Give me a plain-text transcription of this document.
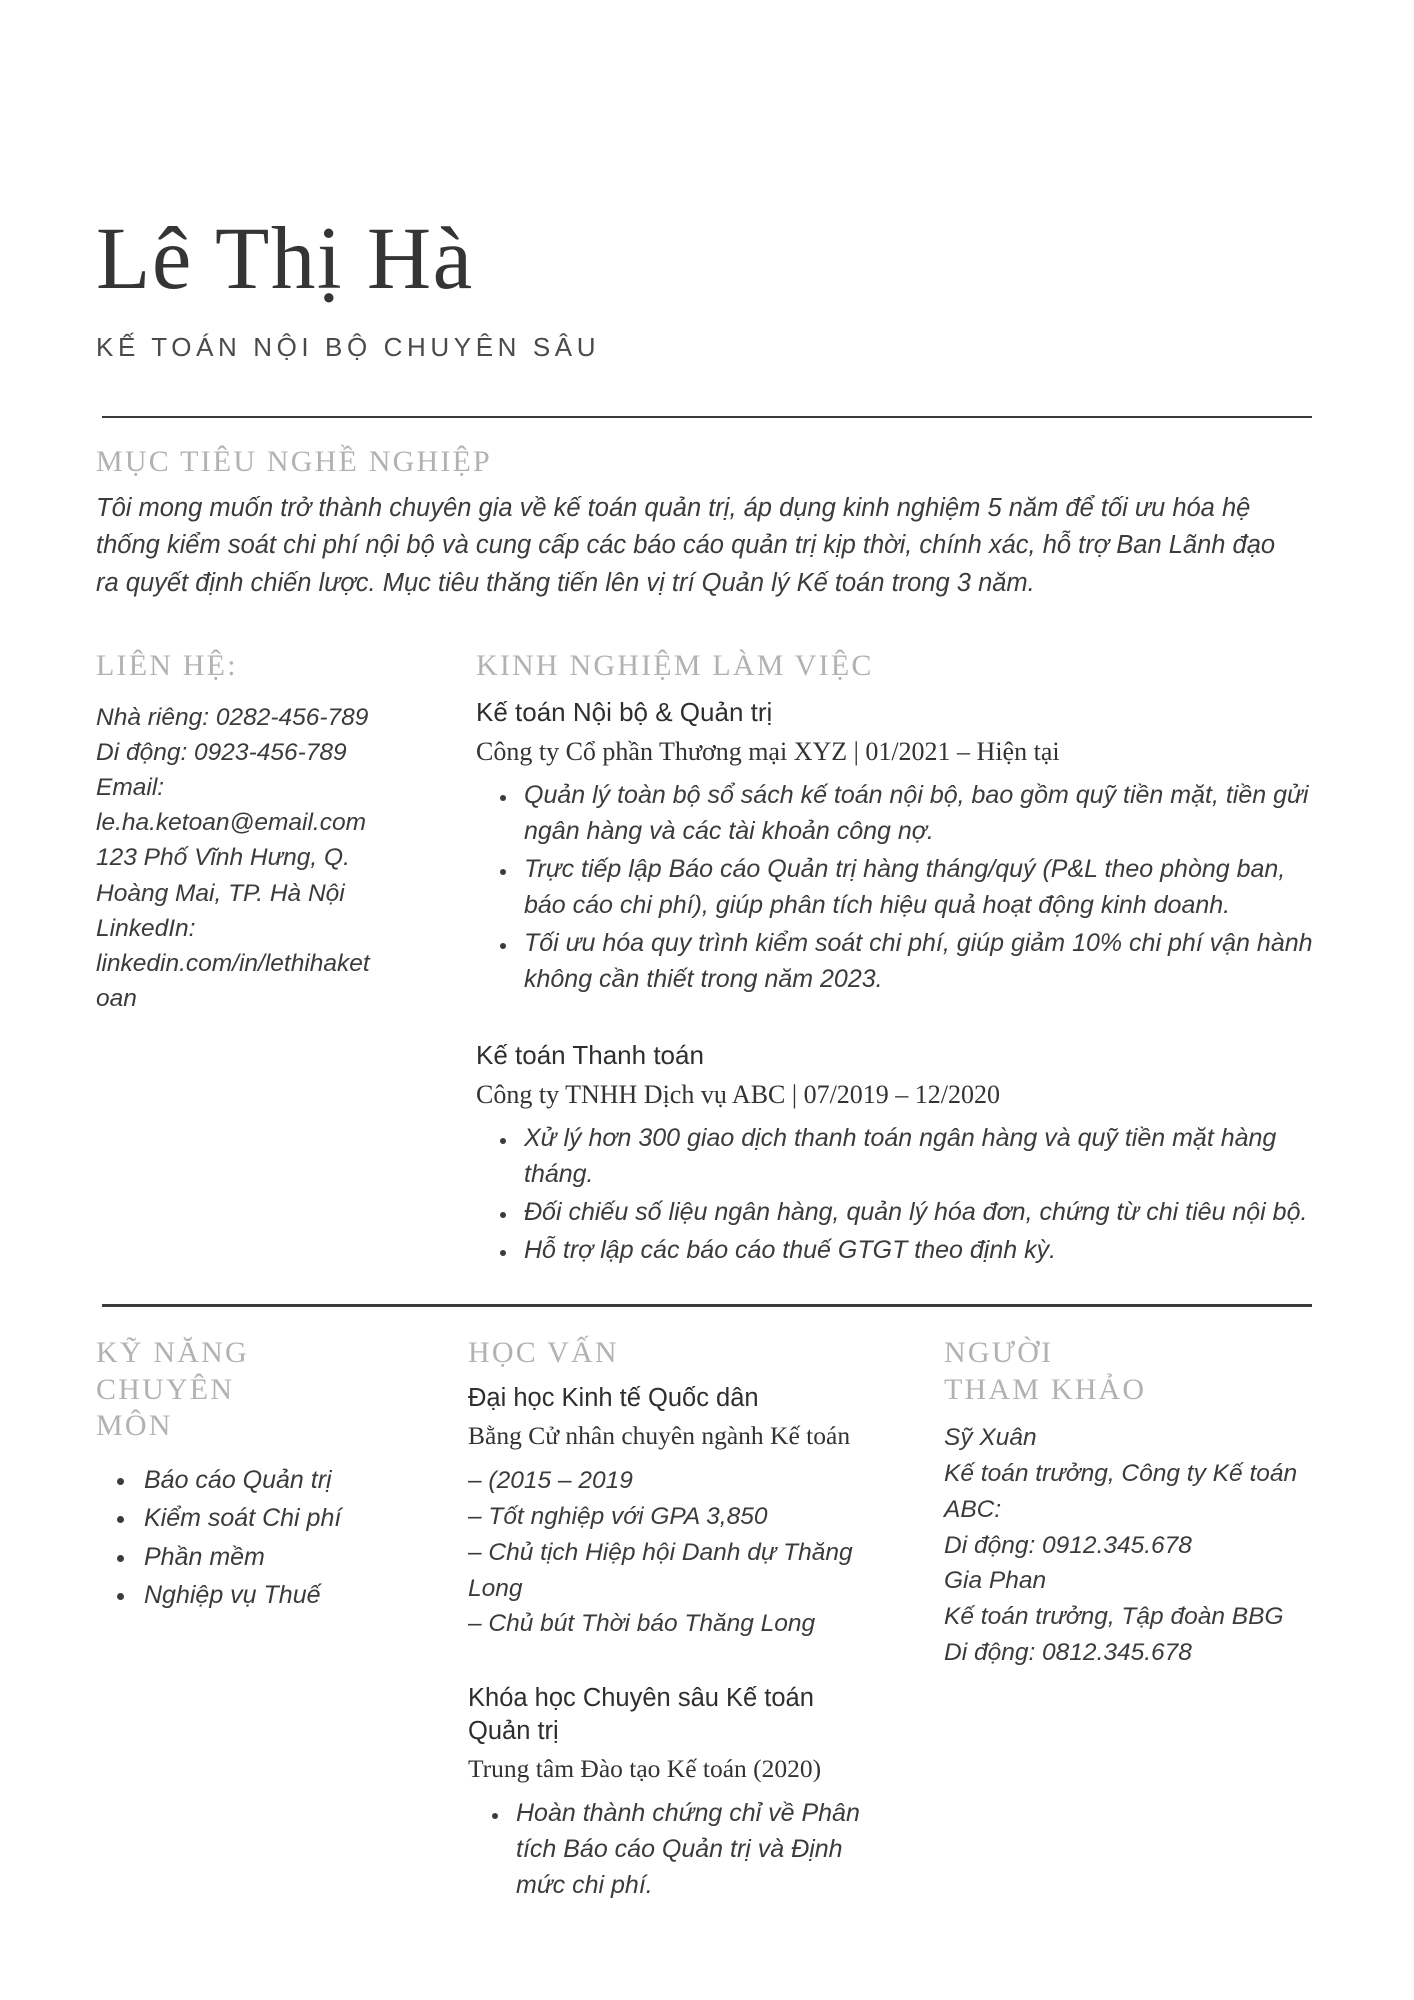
Lê Thị Hà
KẾ TOÁN NỘI BỘ CHUYÊN SÂU
MỤC TIÊU NGHỀ NGHIỆP

Tôi mong muốn trở thành chuyên gia về kế toán quản trị, áp dụng kinh nghiệm 5 năm để tối ưu hóa hệ thống kiểm soát chi phí nội bộ và cung cấp các báo cáo quản trị kịp thời, chính xác, hỗ trợ Ban Lãnh đạo ra quyết định chiến lược. Mục tiêu thăng tiến lên vị trí Quản lý Kế toán trong 3 năm.

LIÊN HỆ:
Nhà riêng: 0282-456-789
Di động: 0923-456-789
Email:
le.ha.ketoan@email.com
123 Phố Vĩnh Hưng, Q.
Hoàng Mai, TP. Hà Nội
LinkedIn:
linkedin.com/in/lethihaketoan
KINH NGHIỆM LÀM VIỆC
Kế toán Nội bộ & Quản trị
Công ty Cổ phần Thương mại XYZ | 01/2021 – Hiện tại
• Quản lý toàn bộ sổ sách kế toán nội bộ, bao gồm quỹ tiền mặt, tiền gửi ngân hàng và các tài khoản công nợ.
• Trực tiếp lập Báo cáo Quản trị hàng tháng/quý (P&L theo phòng ban, báo cáo chi phí), giúp phân tích hiệu quả hoạt động kinh doanh.
• Tối ưu hóa quy trình kiểm soát chi phí, giúp giảm 10% chi phí vận hành không cần thiết trong năm 2023.
Kế toán Thanh toán
Công ty TNHH Dịch vụ ABC | 07/2019 – 12/2020
• Xử lý hơn 300 giao dịch thanh toán ngân hàng và quỹ tiền mặt hàng tháng.
• Đối chiếu số liệu ngân hàng, quản lý hóa đơn, chứng từ chi tiêu nội bộ.
• Hỗ trợ lập các báo cáo thuế GTGT theo định kỳ.
KỸ NĂNG CHUYÊN
MÔN
• Báo cáo Quản trị
• Kiểm soát Chi phí
• Phần mềm
• Nghiệp vụ Thuế
HỌC VẤN
Đại học Kinh tế Quốc dân
Bằng Cử nhân chuyên ngành Kế toán
– (2015 – 2019
– Tốt nghiệp với GPA 3,850
– Chủ tịch Hiệp hội Danh dự Thăng Long
– Chủ bút Thời báo Thăng Long
Khóa học Chuyên sâu Kế toán Quản trị
Trung tâm Đào tạo Kế toán (2020)
• Hoàn thành chứng chỉ về Phân tích Báo cáo Quản trị và Định mức chi phí.
NGƯỜI
THAM KHẢO
Sỹ Xuân
Kế toán trưởng, Công ty Kế toán ABC:
Di động: 0912.345.678
Gia Phan
Kế toán trưởng, Tập đoàn BBG
Di động: 0812.345.678
